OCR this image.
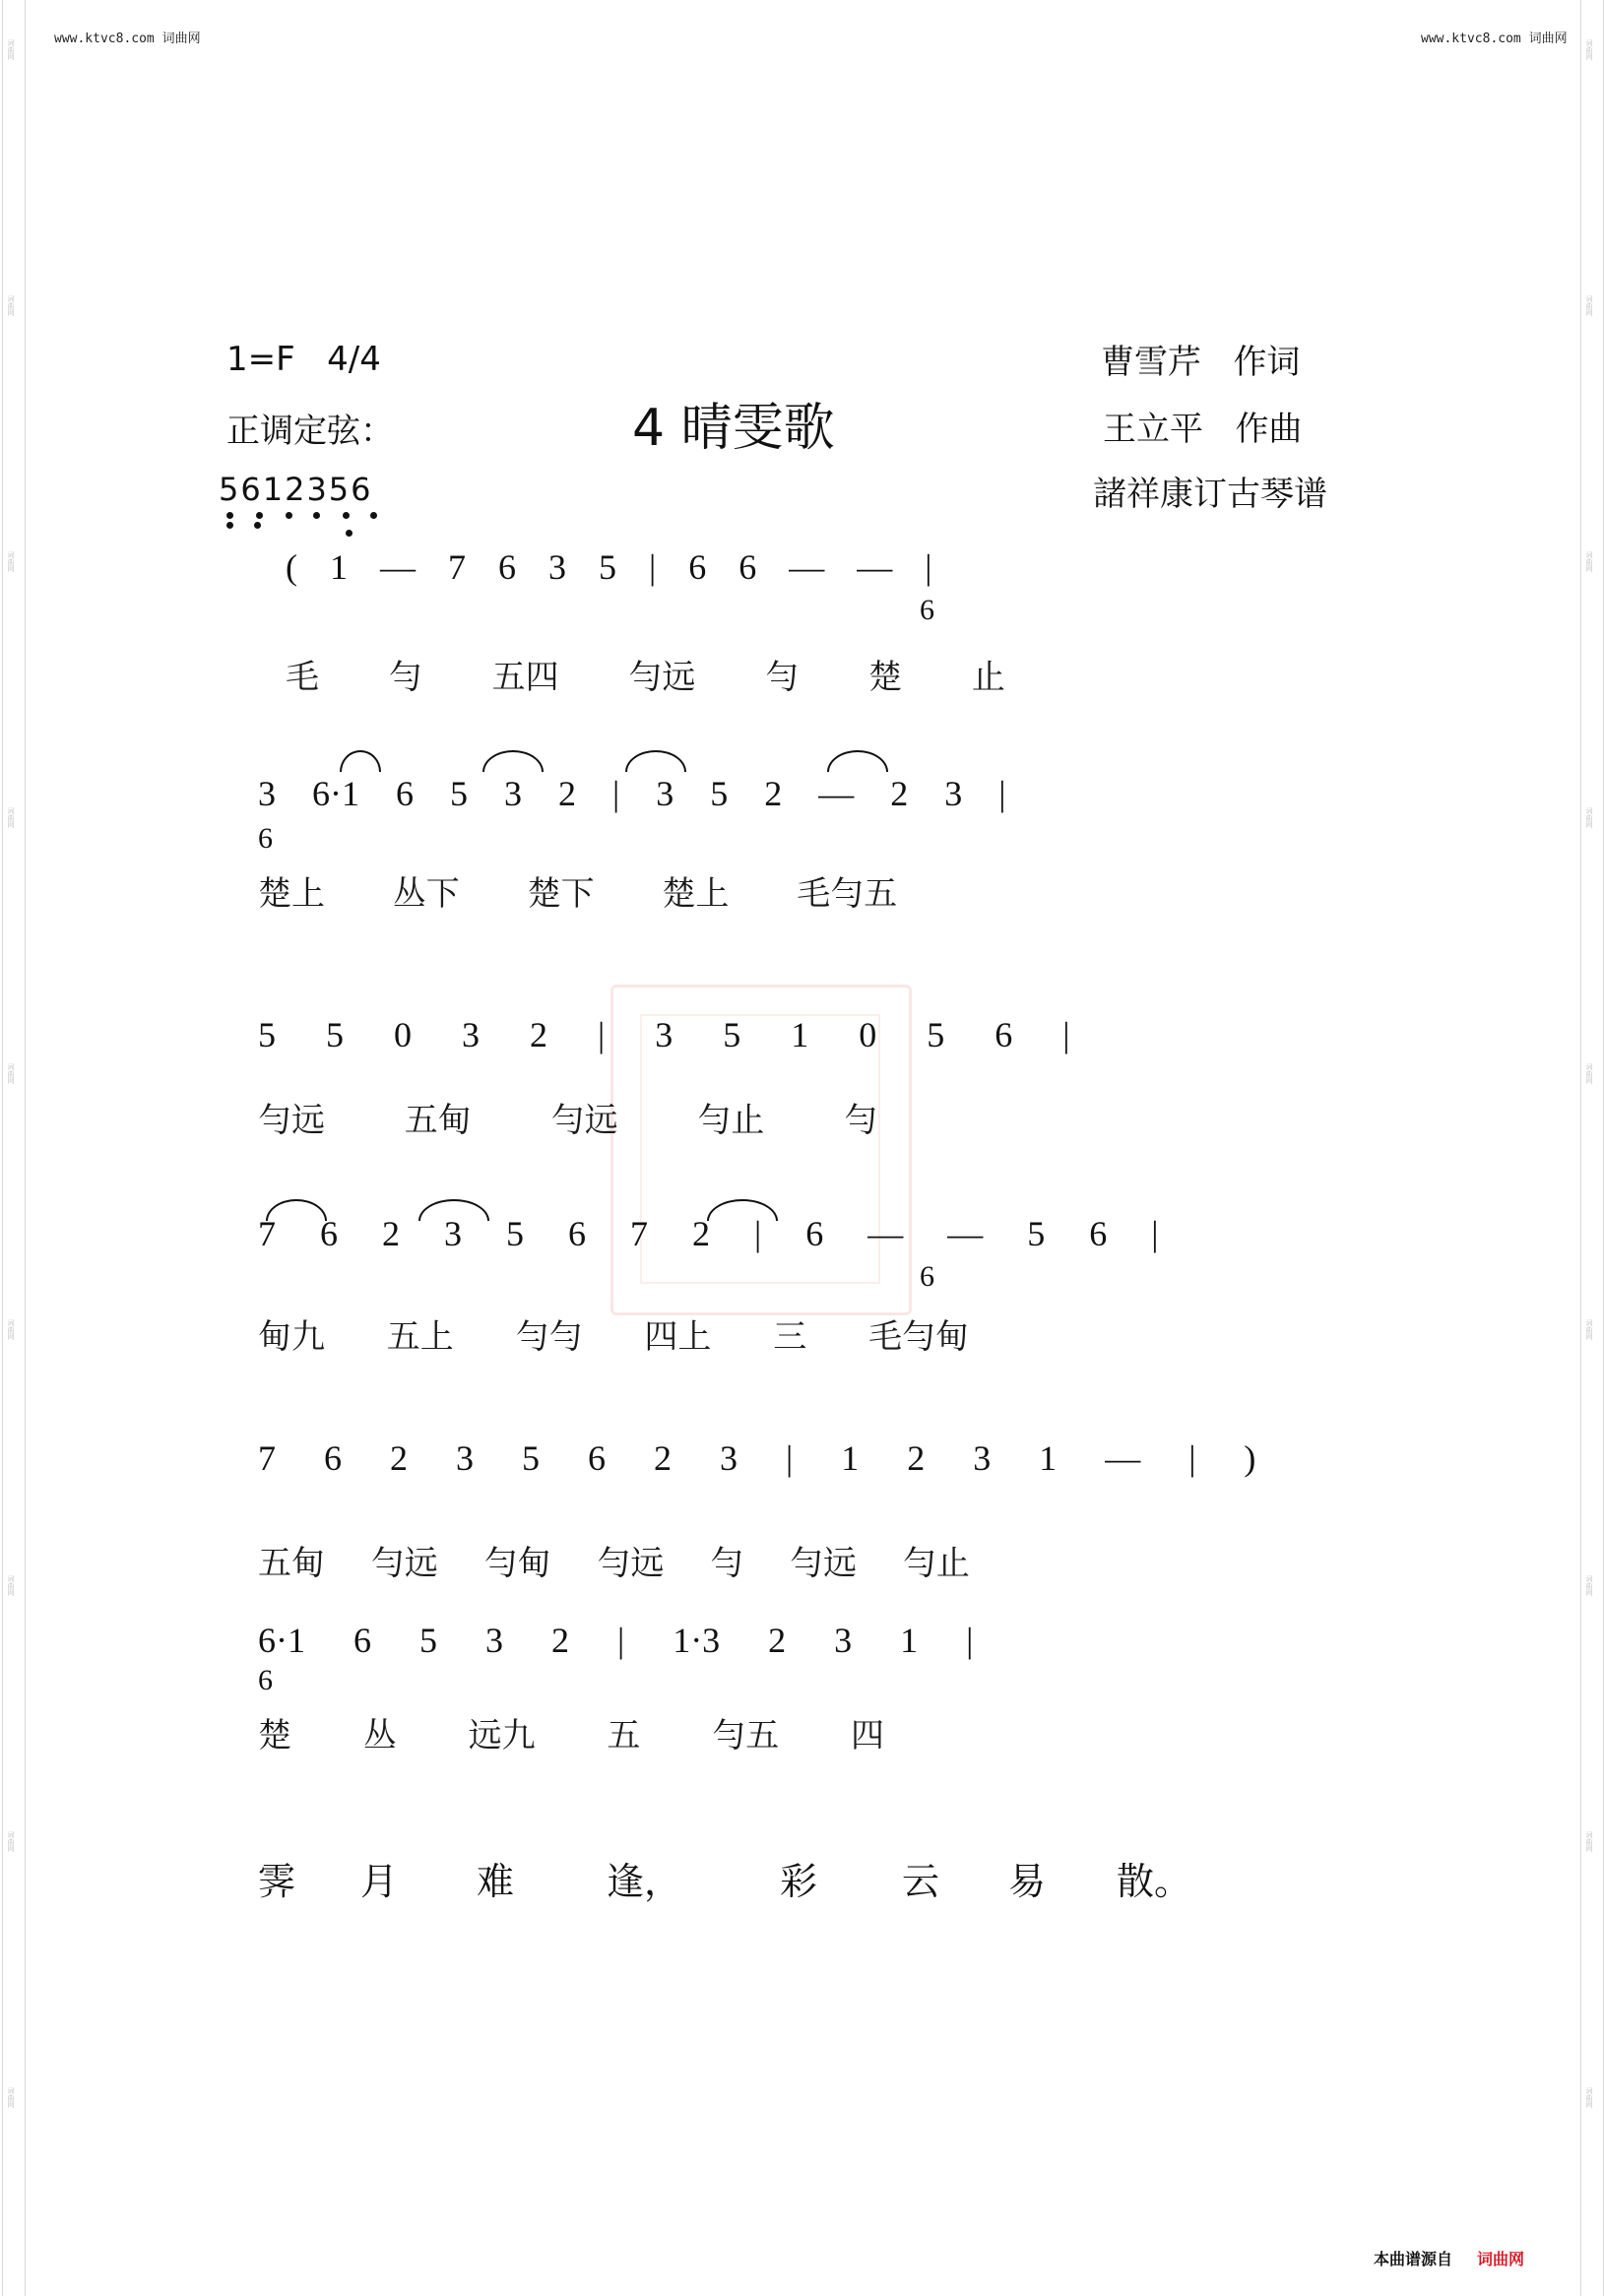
www.ktvc8.com 词曲网	www.ktvc8.com 词曲网
词曲网
词曲网
词曲网
词曲网
词曲网
词曲网
词曲网
词曲网
词曲网
词曲网
词曲网
词曲网
词曲网
词曲网
词曲网
词曲网
词曲网
词曲网
1=F 4/4
正调定弦：
5612356
4 晴雯歌
曹雪芹 作词
王立平 作曲
諸祥康订古琴谱
( 1 — 7 6 3 5 | 6 6 — — |
6
毛 勻 五四 勻远 勻 楚 止
3 6·1 6 5 3 2 | 3 5 2 — 2 3 |
6
楚上 丛下 楚下 楚上 毛勻五
5 5 0 3 2 | 3 5 1 0 5 6 |
勻远 五甸 勻远 勻止 勻
7 6 2 3 5 6 7 2 | 6 — — 5 6 |
6
甸九 五上 勻勻 四上 三 毛勻甸
7 6 2 3 5 6 2 3 | 1 2 3 1 — | )
五甸 勻远 勻甸 勻远 勻 勻远 勻止
6·1 6 5 3 2 | 1·3 2 3 1 |
6
楚 丛 远九 五 勻五 四
霁 月 难 逢，	彩 云 易 散。
本曲谱源自 词曲网
